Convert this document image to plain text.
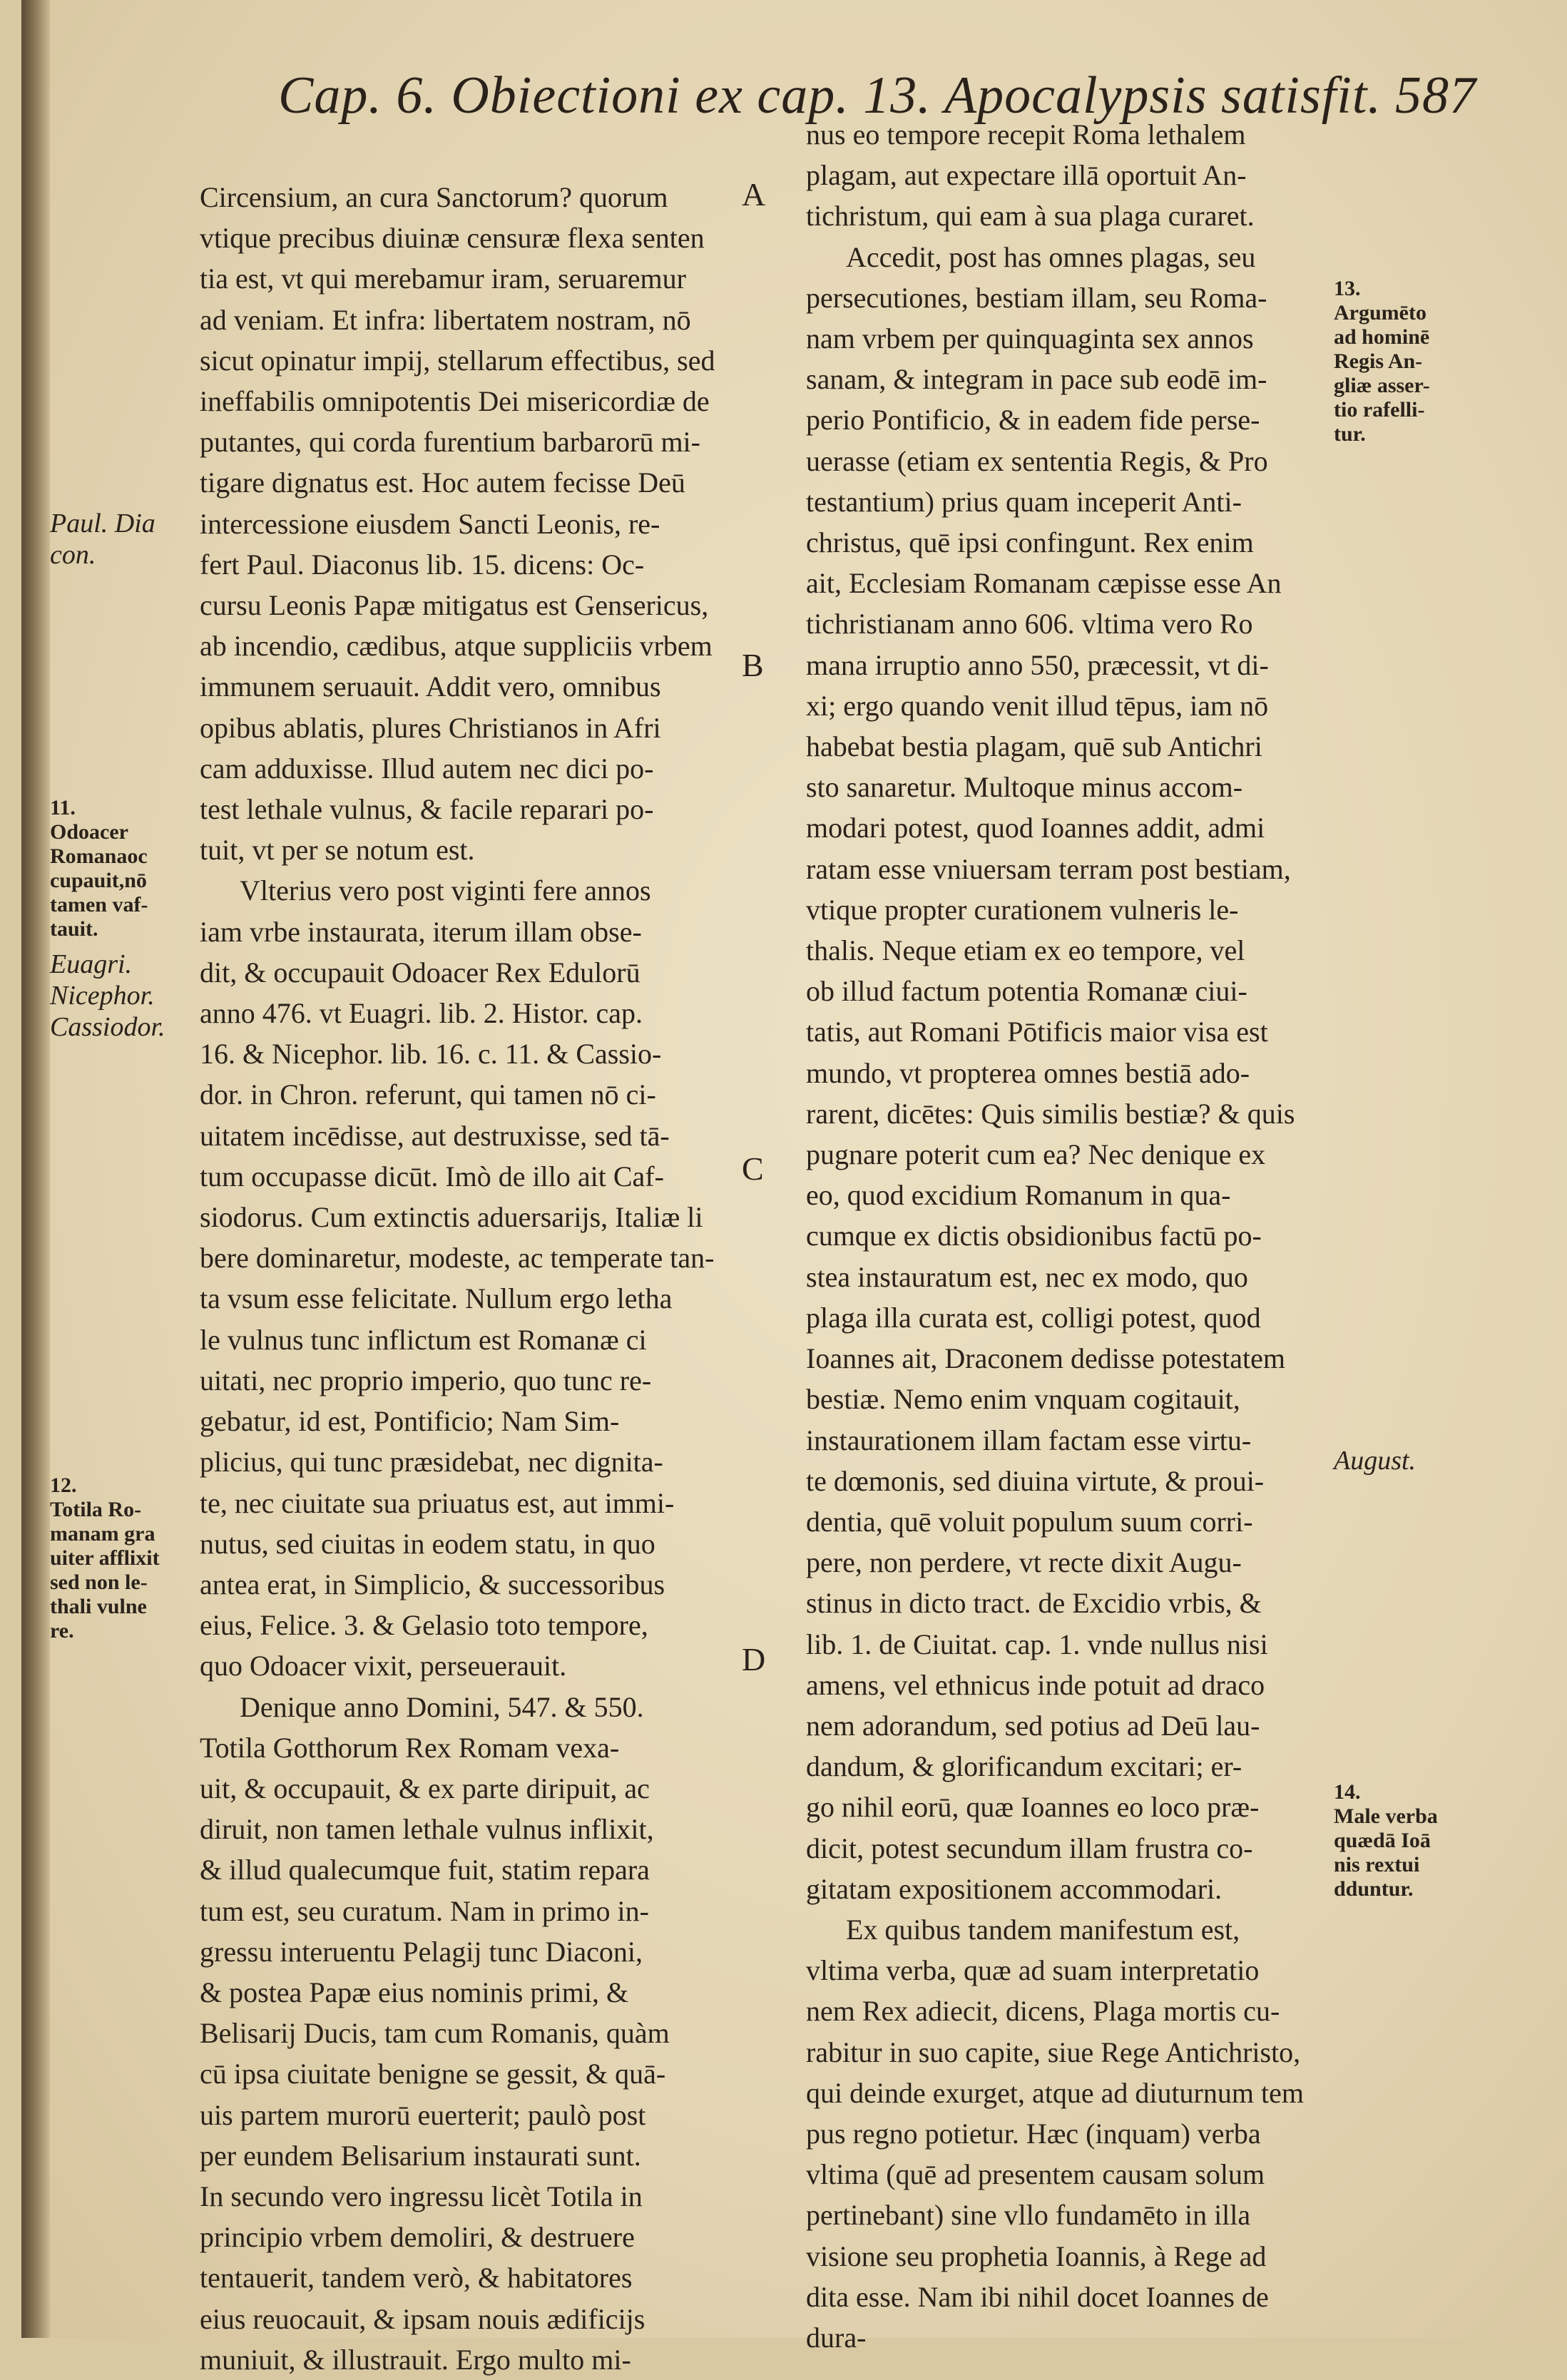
Cap. 6. Obiectioni ex cap. 13. Apocalypsis satisfit. 587
Circensium, an cura Sanctorum? quorum
vtique precibus diuinæ censuræ flexa senten
tia est, vt qui merebamur iram, seruaremur
ad veniam. Et infra: libertatem nostram, nō
sicut opinatur impij, stellarum effectibus, sed
ineffabilis omnipotentis Dei misericordiæ de
putantes, qui corda furentium barbarorū mi-
tigare dignatus est. Hoc autem fecisse Deū
intercessione eiusdem Sancti Leonis, re-
fert Paul. Diaconus lib. 15. dicens: Oc-
cursu Leonis Papæ mitigatus est Gensericus,
ab incendio, cædibus, atque suppliciis vrbem
immunem seruauit. Addit vero, omnibus
opibus ablatis, plures Christianos in Afri
cam adduxisse. Illud autem nec dici po-
test lethale vulnus, & facile reparari po-
tuit, vt per se notum est.
Vlterius vero post viginti fere annos
iam vrbe instaurata, iterum illam obse-
dit, & occupauit Odoacer Rex Edulorū
anno 476. vt Euagri. lib. 2. Histor. cap.
16. & Nicephor. lib. 16. c. 11. & Cassio-
dor. in Chron. referunt, qui tamen nō ci-
uitatem incēdisse, aut destruxisse, sed tā-
tum occupasse dicūt. Imò de illo ait Caf-
siodorus. Cum extinctis aduersarijs, Italiæ li
bere dominaretur, modeste, ac temperate tan-
ta vsum esse felicitate. Nullum ergo letha
le vulnus tunc inflictum est Romanæ ci
uitati, nec proprio imperio, quo tunc re-
gebatur, id est, Pontificio; Nam Sim-
plicius, qui tunc præsidebat, nec dignita-
te, nec ciuitate sua priuatus est, aut immi-
nutus, sed ciuitas in eodem statu, in quo
antea erat, in Simplicio, & successoribus
eius, Felice. 3. & Gelasio toto tempore,
quo Odoacer vixit, perseuerauit.
Denique anno Domini, 547. & 550.
Totila Gotthorum Rex Romam vexa-
uit, & occupauit, & ex parte diripuit, ac
diruit, non tamen lethale vulnus inflixit,
& illud qualecumque fuit, statim repara
tum est, seu curatum. Nam in primo in-
gressu interuentu Pelagij tunc Diaconi,
& postea Papæ eius nominis primi, &
Belisarij Ducis, tam cum Romanis, quàm
cū ipsa ciuitate benigne se gessit, & quā-
uis partem murorū euerterit; paulò post
per eundem Belisarium instaurati sunt.
In secundo vero ingressu licèt Totila in
principio vrbem demoliri, & destruere
tentauerit, tandem verò, & habitatores
eius reuocauit, & ipsam nouis ædificijs
muniuit, & illustrauit. Ergo multo mi-
nus eo tempore recepit Roma lethalem
plagam, aut expectare illā oportuit An-
tichristum, qui eam à sua plaga curaret.
Accedit, post has omnes plagas, seu
persecutiones, bestiam illam, seu Roma-
nam vrbem per quinquaginta sex annos
sanam, & integram in pace sub eodē im-
perio Pontificio, & in eadem fide perse-
uerasse (etiam ex sententia Regis, & Pro
testantium) prius quam inceperit Anti-
christus, quē ipsi confingunt. Rex enim
ait, Ecclesiam Romanam cæpisse esse An
tichristianam anno 606. vltima vero Ro
mana irruptio anno 550, præcessit, vt di-
xi; ergo quando venit illud tēpus, iam nō
habebat bestia plagam, quē sub Antichri
sto sanaretur. Multoque minus accom-
modari potest, quod Ioannes addit, admi
ratam esse vniuersam terram post bestiam,
vtique propter curationem vulneris le-
thalis. Neque etiam ex eo tempore, vel
ob illud factum potentia Romanæ ciui-
tatis, aut Romani Pōtificis maior visa est
mundo, vt propterea omnes bestiā ado-
rarent, dicētes: Quis similis bestiæ? & quis
pugnare poterit cum ea? Nec denique ex
eo, quod excidium Romanum in qua-
cumque ex dictis obsidionibus factū po-
stea instauratum est, nec ex modo, quo
plaga illa curata est, colligi potest, quod
Ioannes ait, Draconem dedisse potestatem
bestiæ. Nemo enim vnquam cogitauit,
instaurationem illam factam esse virtu-
te dœmonis, sed diuina virtute, & proui-
dentia, quē voluit populum suum corri-
pere, non perdere, vt recte dixit Augu-
stinus in dicto tract. de Excidio vrbis, &
lib. 1. de Ciuitat. cap. 1. vnde nullus nisi
amens, vel ethnicus inde potuit ad draco
nem adorandum, sed potius ad Deū lau-
dandum, & glorificandum excitari; er-
go nihil eorū, quæ Ioannes eo loco præ-
dicit, potest secundum illam frustra co-
gitatam expositionem accommodari.
Ex quibus tandem manifestum est,
vltima verba, quæ ad suam interpretatio
nem Rex adiecit, dicens, Plaga mortis cu-
rabitur in suo capite, siue Rege Antichristo,
qui deinde exurget, atque ad diuturnum tem
pus regno potietur. Hæc (inquam) verba
vltima (quē ad presentem causam solum
pertinebant) sine vllo fundamēto in illa
visione seu prophetia Ioannis, à Rege ad
dita esse. Nam ibi nihil docet Ioannes de
dura-
A
B
C
D
Paul. Dia
con.
11.
Odoacer
Romanaoc
cupauit,nō
tamen vaf-
tauit.
Euagri.
Nicephor.
Cassiodor.
12.
Totila Ro-
manam gra
uiter afflixit
sed non le-
thali vulne
re.
13.
Argumēto
ad hominē
Regis An-
gliæ asser-
tio rafelli-
tur.
August.
14.
Male verba
quædā Ioā
nis rextui
dduntur.
